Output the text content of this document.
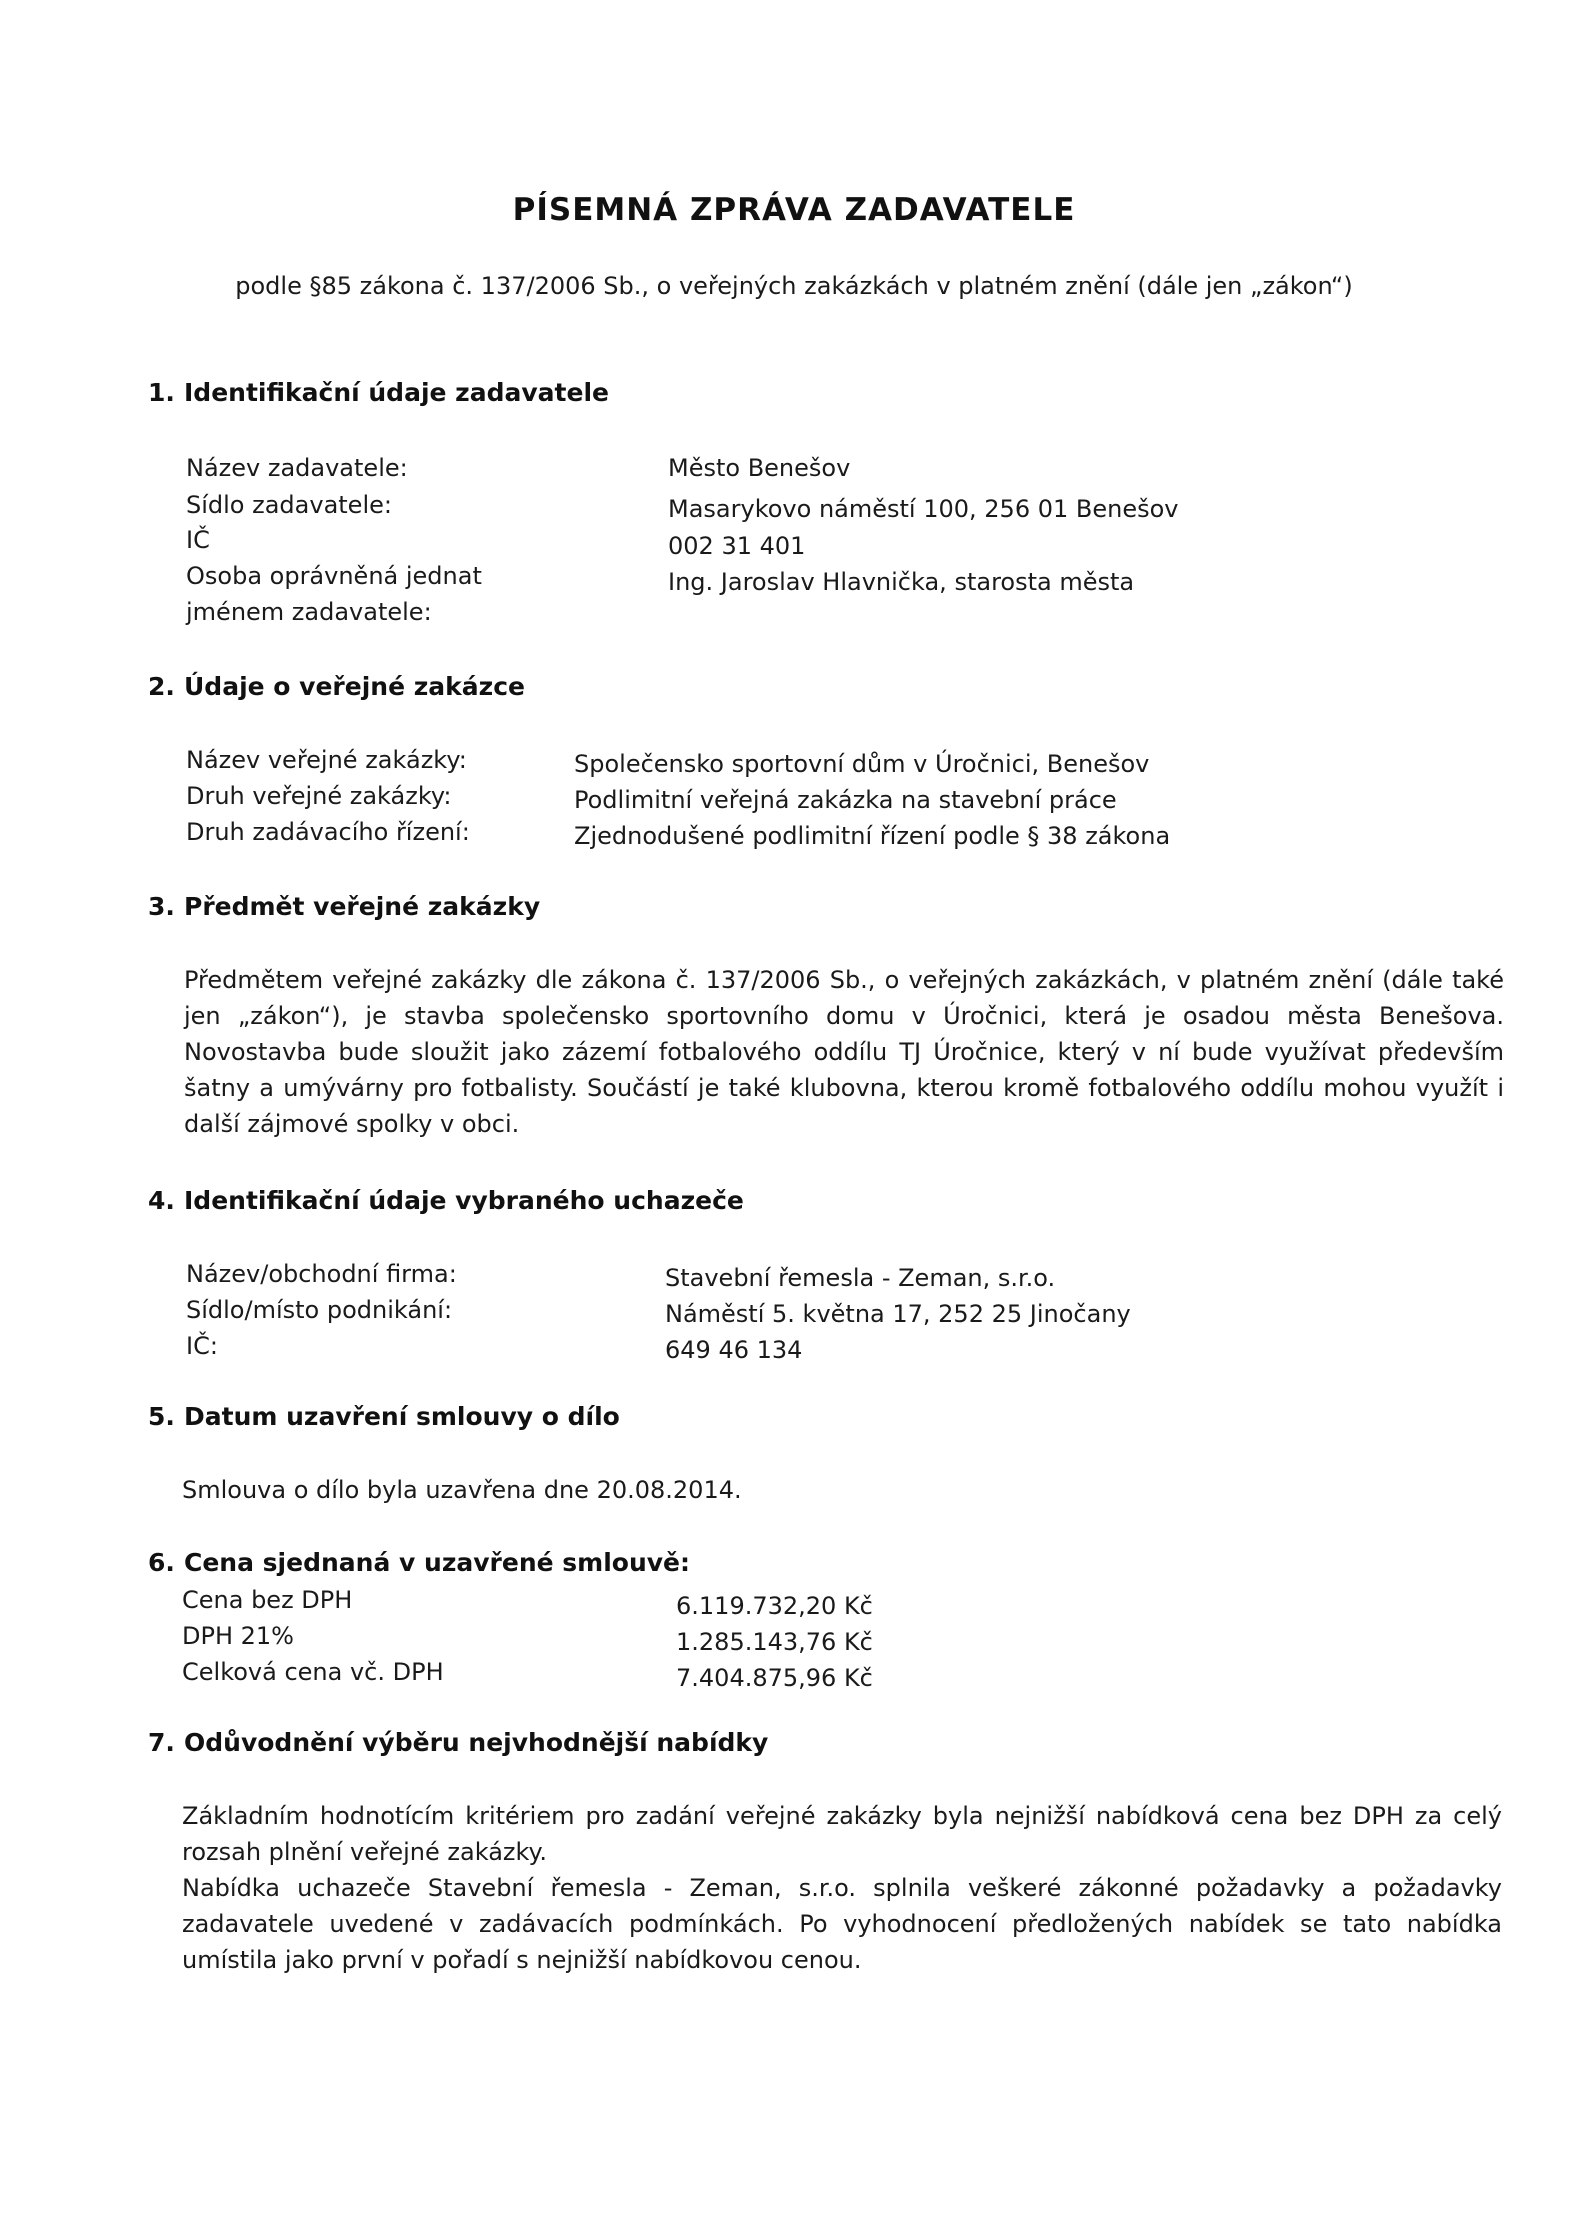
PÍSEMNÁ ZPRÁVA ZADAVATELE
podle §85 zákona č. 137/2006 Sb., o veřejných zakázkách v platném znění (dále jen „zákon“)
1. Identifikační údaje zadavatele
Název zadavatele:	Město Benešov
Sídlo zadavatele:	Masarykovo náměstí 100, 256 01 Benešov
IČ	002 31 401
Osoba oprávněná jednat	Ing. Jaroslav Hlavnička, starosta města
jménem zadavatele:
2. Údaje o veřejné zakázce
Název veřejné zakázky:	Společensko sportovní dům v Úročnici, Benešov
Druh veřejné zakázky:	Podlimitní veřejná zakázka na stavební práce
Druh zadávacího řízení:	Zjednodušené podlimitní řízení podle § 38 zákona
3. Předmět veřejné zakázky
Předmětem veřejné zakázky dle zákona č. 137/2006 Sb., o veřejných zakázkách, v platném znění (dále také jen „zákon“), je stavba společensko sportovního domu v Úročnici, která je osadou města Benešova. Novostavba bude sloužit jako zázemí fotbalového oddílu TJ Úročnice, který v ní bude využívat především šatny a umývárny pro fotbalisty. Součástí je také klubovna, kterou kromě fotbalového oddílu mohou využít i další zájmové spolky v obci.
4. Identifikační údaje vybraného uchazeče
Název/obchodní firma:	Stavební řemesla - Zeman, s.r.o.
Sídlo/místo podnikání:	Náměstí 5. května 17, 252 25 Jinočany
IČ:	649 46 134
5. Datum uzavření smlouvy o dílo
Smlouva o dílo byla uzavřena dne 20.08.2014.
6. Cena sjednaná v uzavřené smlouvě:
Cena bez DPH	6.119.732,20 Kč
DPH 21%	1.285.143,76 Kč
Celková cena vč. DPH	7.404.875,96 Kč
7. Odůvodnění výběru nejvhodnější nabídky
Základním hodnotícím kritériem pro zadání veřejné zakázky byla nejnižší nabídková cena bez DPH za celý rozsah plnění veřejné zakázky.
Nabídka uchazeče Stavební řemesla - Zeman, s.r.o. splnila veškeré zákonné požadavky a požadavky zadavatele uvedené v zadávacích podmínkách. Po vyhodnocení předložených nabídek se tato nabídka umístila jako první v pořadí s nejnižší nabídkovou cenou.
